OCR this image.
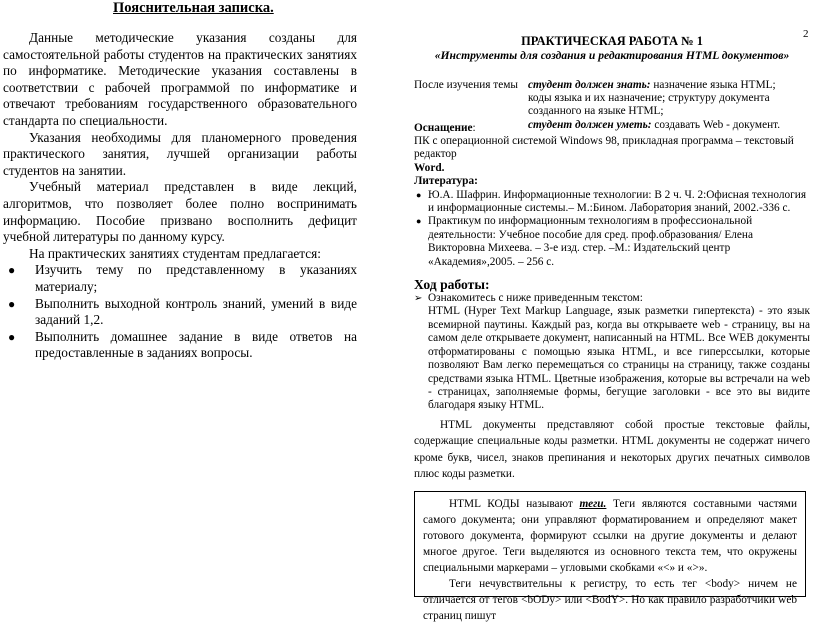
Пояснительная записка.

Данные методические указания созданы для самостоятельной работы студентов на практических занятиях по информатике. Методические указания составлены в соответствии с рабочей программой по информатике и отвечают требованиям государственного образовательного стандарта по специальности.

Указания необходимы для планомерного проведения практического занятия, лучшей организации работы студентов на занятии.

Учебный материал представлен в виде лекций, алгоритмов, что позволяет более полно воспринимать информацию. Пособие призвано восполнить дефицит учебной литературы по данному курсу.

На практических занятиях студентам предлагается:

● Изучить тему по представленному в указаниях материалу;
● Выполнить выходной контроль знаний, умений в виде заданий 1,2.
● Выполнить домашнее задание в виде ответов на предоставленные в заданиях вопросы.
2
ПРАКТИЧЕСКАЯ РАБОТА № 1
«Инструменты для создания и редактирования HTML документов»
После изучения темы студент должен знать: назначение языка HTML;
коды языка и их назначение; структуру документа созданного на языке HTML;
студент должен уметь: создавать Web - документ.

Оснащение:

ПК с операционной системой Windows 98, прикладная программа – текстовый редактор
Word.

Литература:

● Ю.А. Шафрин. Информационные технологии: В 2 ч. Ч. 2:Офисная технология и информационные системы.– М.:Бином. Лаборатория знаний, 2002.-336 с.
● Практикум по информационным технологиям в профессиональной деятельности: Учебное пособие для сред. проф.образования/ Елена Викторовна Михеева. – 3-е изд. стер. –М.: Издательский центр «Академия»,2005. – 256 с.
Ход работы:
➢ Ознакомитесь с ниже приведенным текстом:
HTML (Hyper Text Markup Language, язык разметки гипертекста) - это язык всемирной паутины. Каждый раз, когда вы открываете web - страницу, вы на самом деле открываете документ, написанный на HTML. Все WEB документы отформатированы с помощью языка HTML, и все гиперссылки, которые позволяют Вам легко перемещаться со страницы на страницу, также созданы средствами языка HTML. Цветные изображения, которые вы встречали на web - страницах, заполняемые формы, бегущие заголовки - все это вы видите благодаря языку HTML.

HTML документы представляют собой простые текстовые файлы, содержащие специальные коды разметки. HTML документы не содержат ничего кроме букв, чисел, знаков препинания и некоторых других печатных символов плюс коды разметки.

HTML КОДЫ называют теги. Теги являются составными частями самого документа; они управляют форматированием и определяют макет готового документа, формируют ссылки на другие документы и делают многое другое. Теги выделяются из основного текста тем, что окружены специальными маркерами – угловыми скобками «<» и «>».

Теги нечувствительны к регистру, то есть тег <body> ничем не отличается от тегов <bODy> или <BodY>. Но как правило разработчики web страниц пишут
